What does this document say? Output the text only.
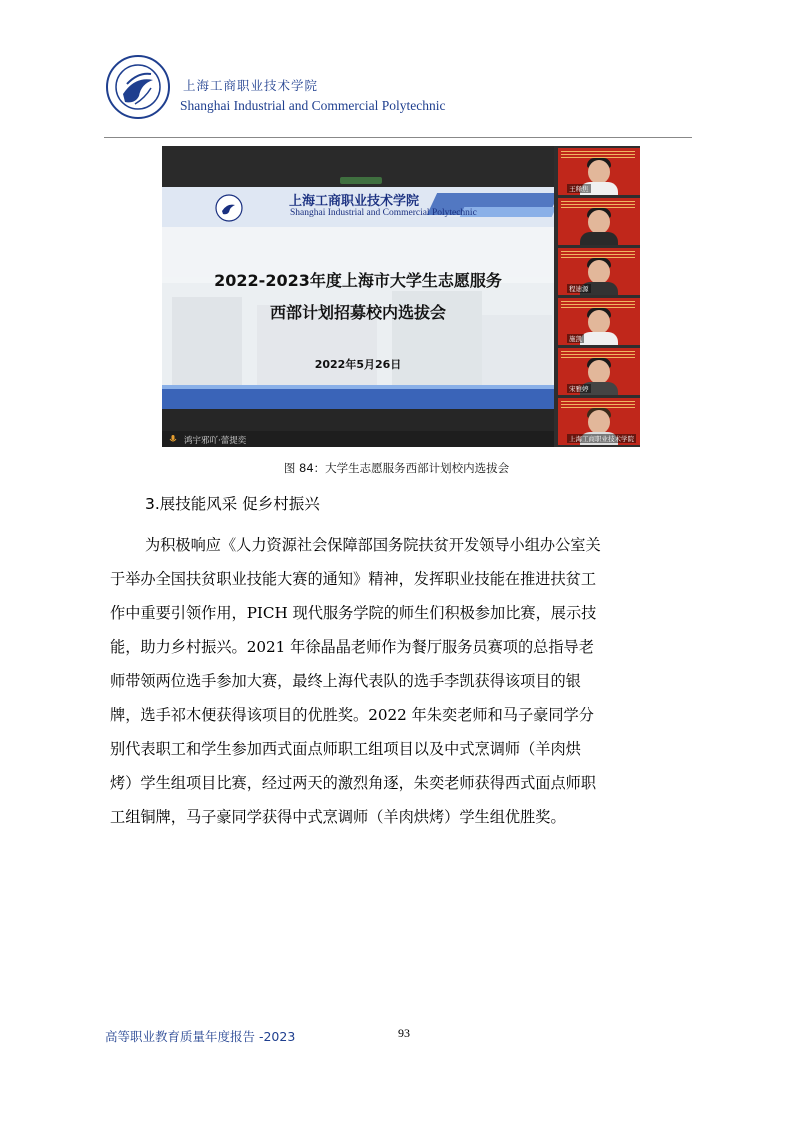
上海工商职业技术学院
Shanghai Industrial and Commercial Polytechnic
上海工商职业技术学院
Shanghai Industrial and Commercial Polytechnic
2022-2023年度上海市大学生志愿服务
西部计划招募校内选拔会
2022年5月26日
鸿宇邪吖·蕾提奕
王释焦
程迪源
施凯
宋雅婷
上海工商职业技术学院
图 84：大学生志愿服务西部计划校内选拔会
3.展技能风采 促乡村振兴
为积极响应《人力资源社会保障部国务院扶贫开发领导小组办公室关
于举办全国扶贫职业技能大赛的通知》精神，发挥职业技能在推进扶贫工
作中重要引领作用，PICH 现代服务学院的师生们积极参加比赛，展示技
能，助力乡村振兴。2021 年徐晶晶老师作为餐厅服务员赛项的总指导老
师带领两位选手参加大赛，最终上海代表队的选手李凯获得该项目的银
牌，选手祁木便获得该项目的优胜奖。2022 年朱奕老师和马子豪同学分
别代表职工和学生参加西式面点师职工组项目以及中式烹调师（羊肉烘
烤）学生组项目比赛，经过两天的激烈角逐，朱奕老师获得西式面点师职
工组铜牌，马子豪同学获得中式烹调师（羊肉烘烤）学生组优胜奖。
高等职业教育质量年度报告 -2023	93
